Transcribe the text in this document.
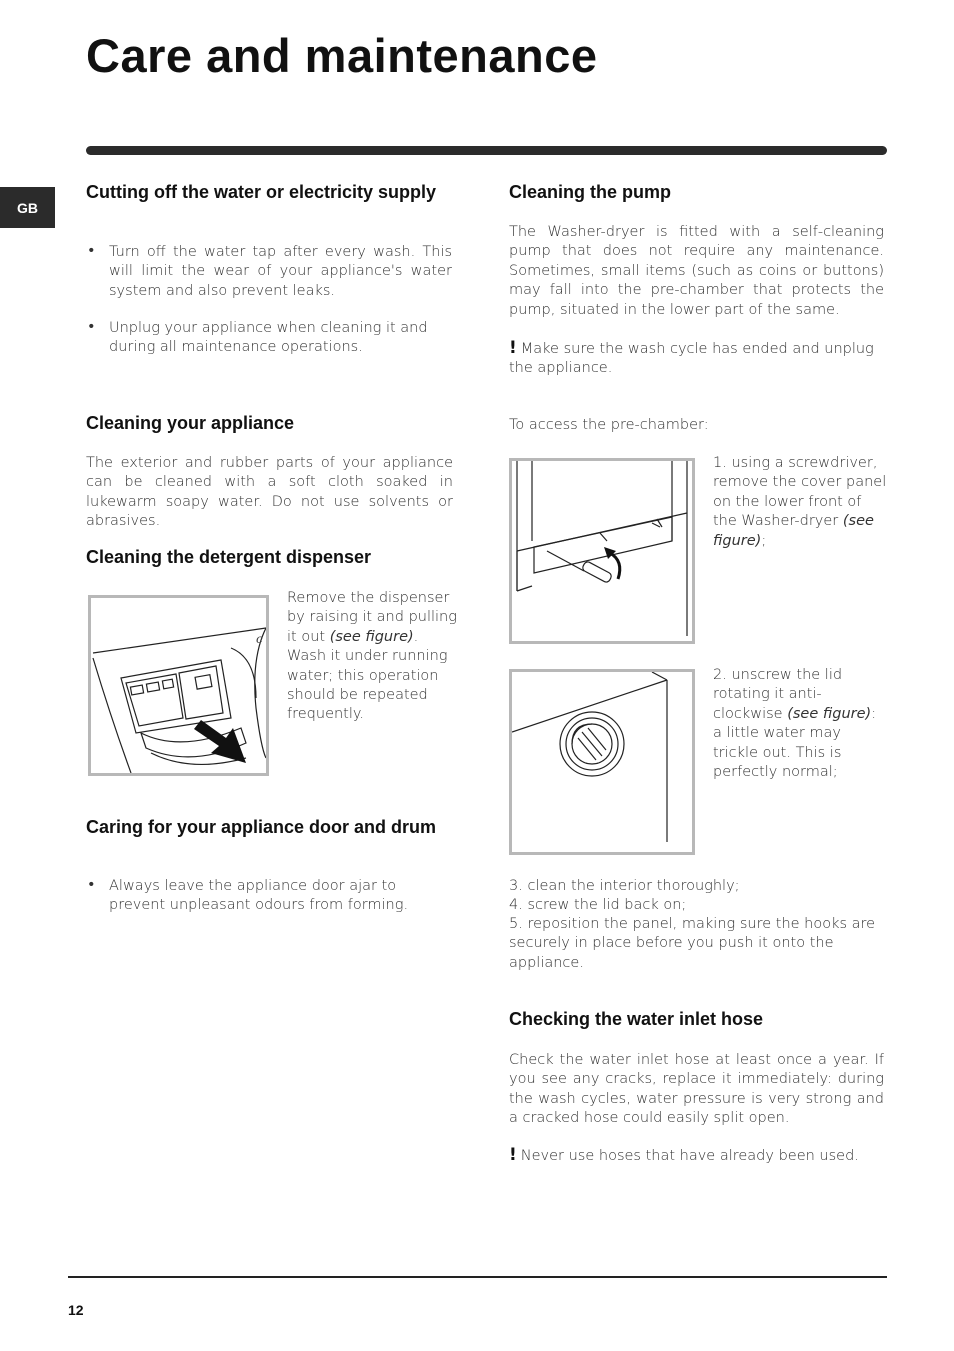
Care and maintenance
GB
Cutting off the water or electricity supply
• Turn off the water tap after every wash. This will limit the wear of your appliance's water system and also prevent leaks.

• Unplug your appliance when cleaning it and during all maintenance operations.

Cleaning your appliance

The exterior and rubber parts of your appliance can be cleaned with a soft cloth soaked in lukewarm soapy water. Do not use solvents or abrasives.

Cleaning the detergent dispenser
c

Remove the dispenser by raising it and pulling it out (see figure).
Wash it under running water; this operation should be repeated frequently.

Caring for your appliance door and drum
• Always leave the appliance door ajar to prevent unpleasant odours from forming.

Cleaning the pump

The Washer-dryer is fitted with a self-cleaning pump that does not require any maintenance. Sometimes, small items (such as coins or buttons) may fall into the pre-chamber that protects the pump, situated in the lower part of the same.

! Make sure the wash cycle has ended and unplug the appliance.

To access the pre-chamber:

1. using a screwdriver, remove the cover panel on the lower front of the Washer-dryer (see figure);

2. unscrew the lid rotating it anti-clockwise (see figure): a little water may trickle out. This is perfectly normal;

3. clean the interior thoroughly;

4. screw the lid back on;

5. reposition the panel, making sure the hooks are securely in place before you push it onto the appliance.

Checking the water inlet hose

Check the water inlet hose at least once a year. If you see any cracks, replace it immediately: during the wash cycles, water pressure is very strong and a cracked hose could easily split open.

! Never use hoses that have already been used.

12
